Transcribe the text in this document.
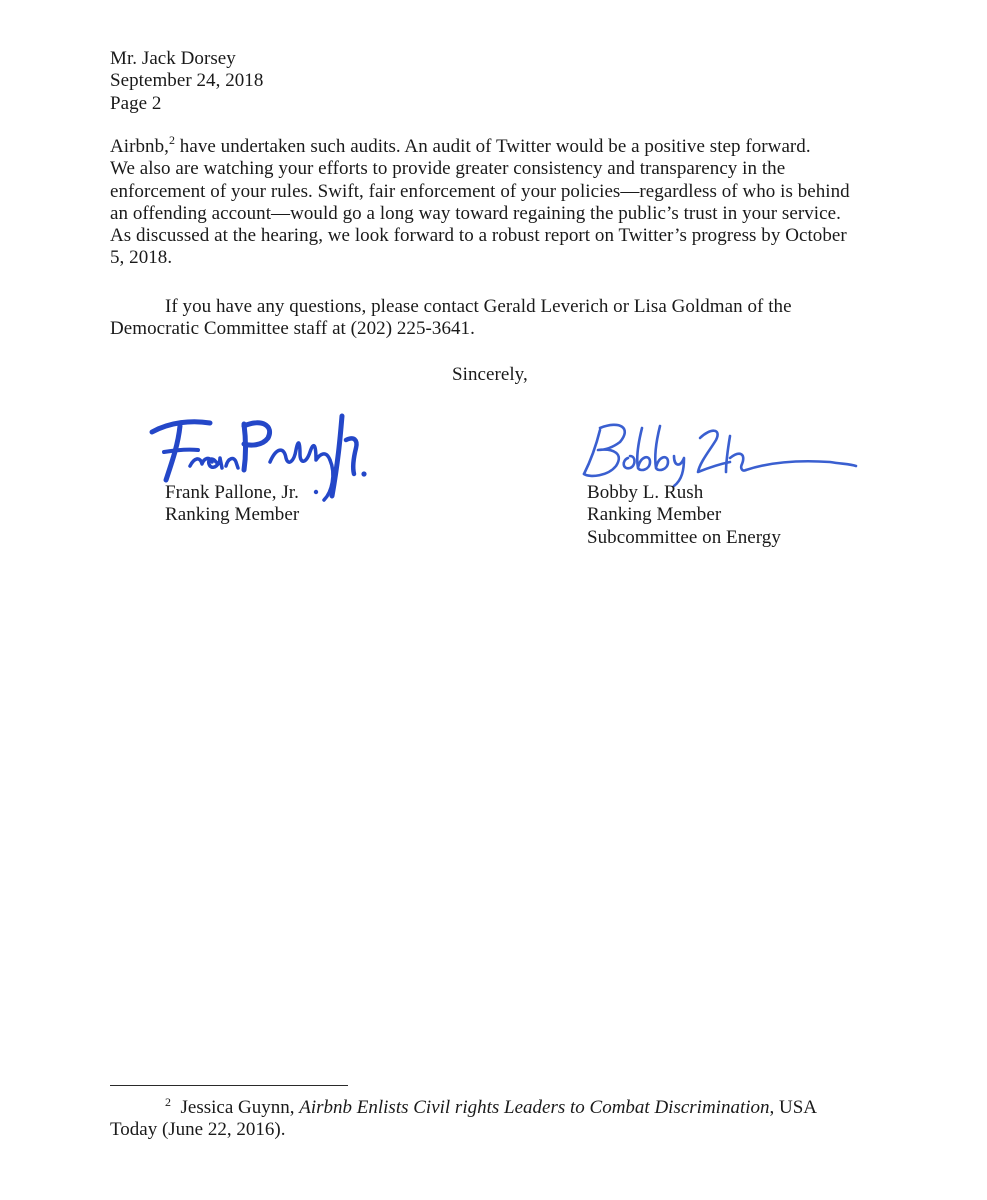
Mr. Jack Dorsey
September 24, 2018
Page 2
Airbnb,$^2$ have undertaken such audits. An audit of Twitter would be a positive step forward.
We also are watching your efforts to provide greater consistency and transparency in the
enforcement of your rules. Swift, fair enforcement of your policies—regardless of who is behind
an offending account—would go a long way toward regaining the public’s trust in your service.
As discussed at the hearing, we look forward to a robust report on Twitter’s progress by October
5, 2018.
If you have any questions, please contact Gerald Leverich or Lisa Goldman of the
Democratic Committee staff at (202) 225-3641.
Sincerely,
Frank Pallone, Jr.
Ranking Member
Bobby L. Rush
Ranking Member
Subcommittee on Energy
$^2$ Jessica Guynn, Airbnb Enlists Civil rights Leaders to Combat Discrimination, USA
Today (June 22, 2016).
